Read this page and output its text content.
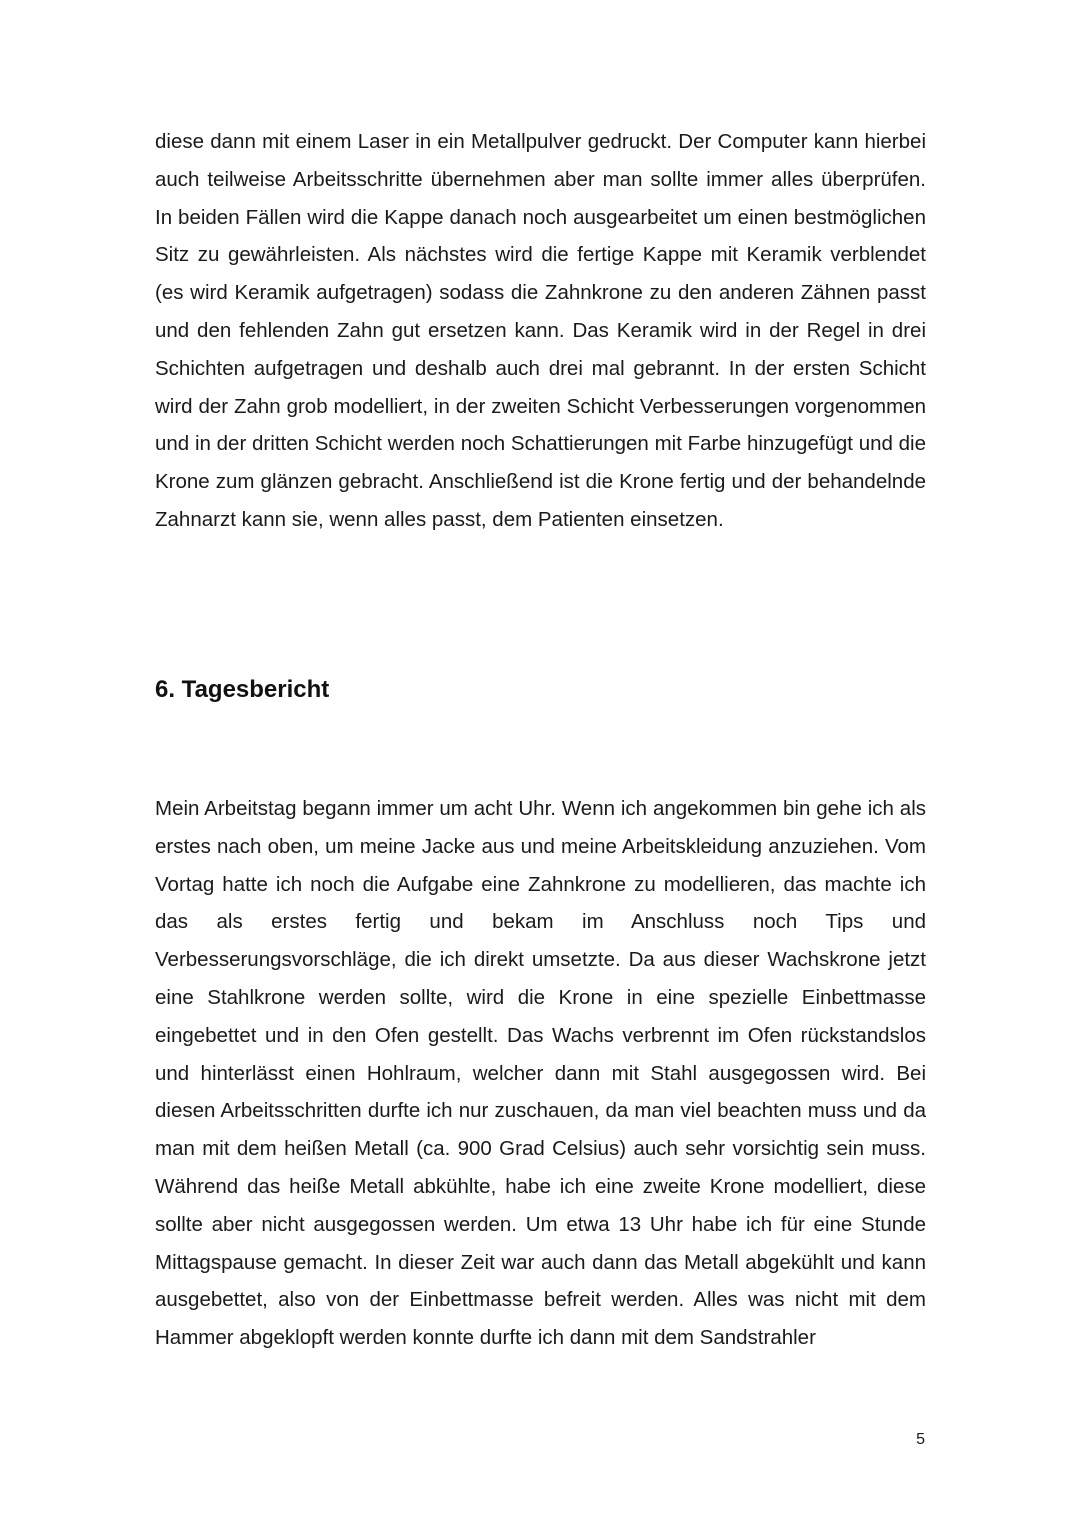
diese dann mit einem Laser in ein Metallpulver gedruckt. Der Computer kann hierbei auch teilweise Arbeitsschritte übernehmen aber man sollte immer alles überprüfen. In beiden Fällen wird die Kappe danach noch ausgearbeitet um einen bestmöglichen Sitz zu gewährleisten. Als nächstes wird die fertige Kappe mit Keramik verblendet (es wird Keramik aufgetragen) sodass die Zahnkrone zu den anderen Zähnen passt und den fehlenden Zahn gut ersetzen kann. Das Keramik wird in der Regel in drei Schichten aufgetragen und deshalb auch drei mal gebrannt. In der ersten Schicht wird der Zahn grob modelliert, in der zweiten Schicht Verbesserungen vorgenommen und in der dritten Schicht werden noch Schattierungen mit Farbe hinzugefügt und die Krone zum glänzen gebracht. Anschließend ist die Krone fertig und der behandelnde Zahnarzt kann sie, wenn alles passt, dem Patienten einsetzen.

6. Tagesbericht

Mein Arbeitstag begann immer um acht Uhr. Wenn ich angekommen bin gehe ich als erstes nach oben, um meine Jacke aus und meine Arbeitskleidung anzuziehen. Vom Vortag hatte ich noch die Aufgabe eine Zahnkrone zu modellieren, das machte ich das als erstes fertig und bekam im Anschluss noch Tips und Verbesserungsvorschläge, die ich direkt umsetzte. Da aus dieser Wachskrone jetzt eine Stahlkrone werden sollte, wird die Krone in eine spezielle Einbettmasse eingebettet und in den Ofen gestellt. Das Wachs verbrennt im Ofen rückstandslos und hinterlässt einen Hohlraum, welcher dann mit Stahl ausgegossen wird. Bei diesen Arbeitsschritten durfte ich nur zuschauen, da man viel beachten muss und da man mit dem heißen Metall (ca. 900 Grad Celsius) auch sehr vorsichtig sein muss. Während das heiße Metall abkühlte, habe ich eine zweite Krone modelliert, diese sollte aber nicht ausgegossen werden. Um etwa 13 Uhr habe ich für eine Stunde Mittagspause gemacht. In dieser Zeit war auch dann das Metall abgekühlt und kann ausgebettet, also von der Einbettmasse befreit werden. Alles was nicht mit dem Hammer abgeklopft werden konnte durfte ich dann mit dem Sandstrahler

5
